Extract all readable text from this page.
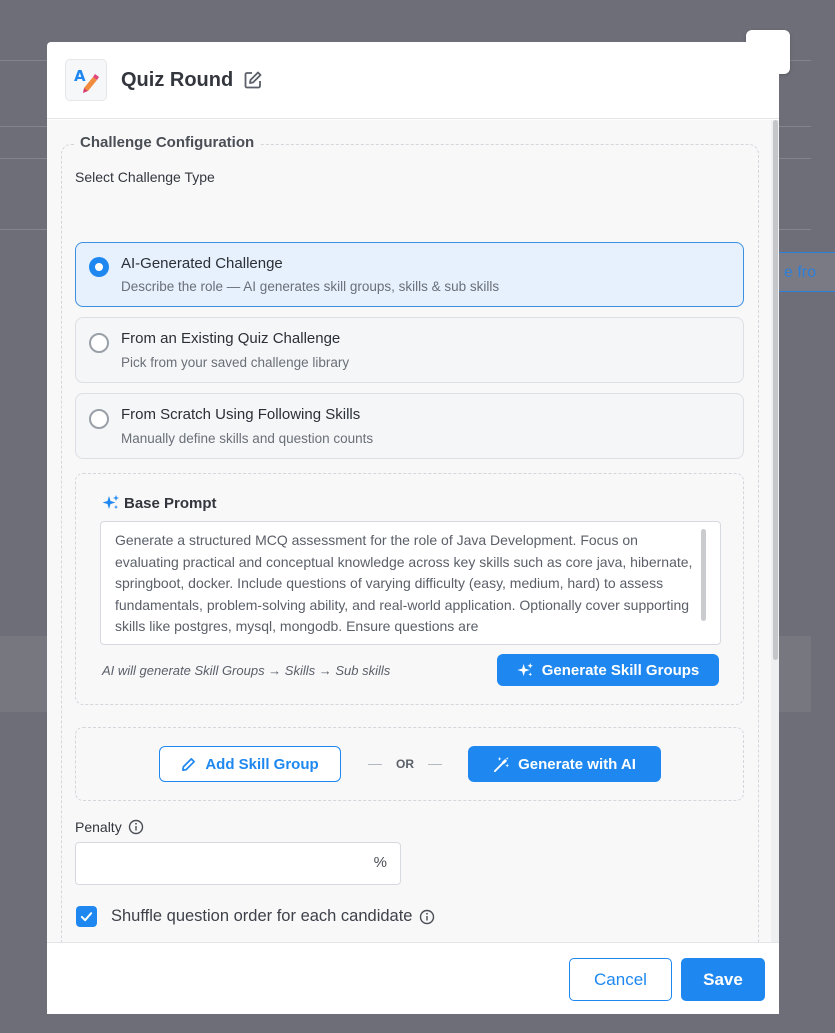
e fro
A Quiz Round
Challenge Configuration
Select Challenge Type
AI-Generated Challenge
Describe the role — AI generates skill groups, skills & sub skills
From an Existing Quiz Challenge
Pick from your saved challenge library
From Scratch Using Following Skills
Manually define skills and question counts
Base Prompt
Generate a structured MCQ assessment for the role of Java Development. Focus on evaluating practical and conceptual knowledge across key skills such as core java, hibernate, springboot, docker. Include questions of varying difficulty (easy, medium, hard) to assess fundamentals, problem-solving ability, and real-world application. Optionally cover supporting skills like postgres, mysql, mongodb. Ensure questions are
AI will generate Skill Groups → Skills → Sub skills	Generate Skill Groups
Add Skill Group	OR	Generate with AI
Penalty
%
Shuffle question order for each candidate
Cancel	Save
